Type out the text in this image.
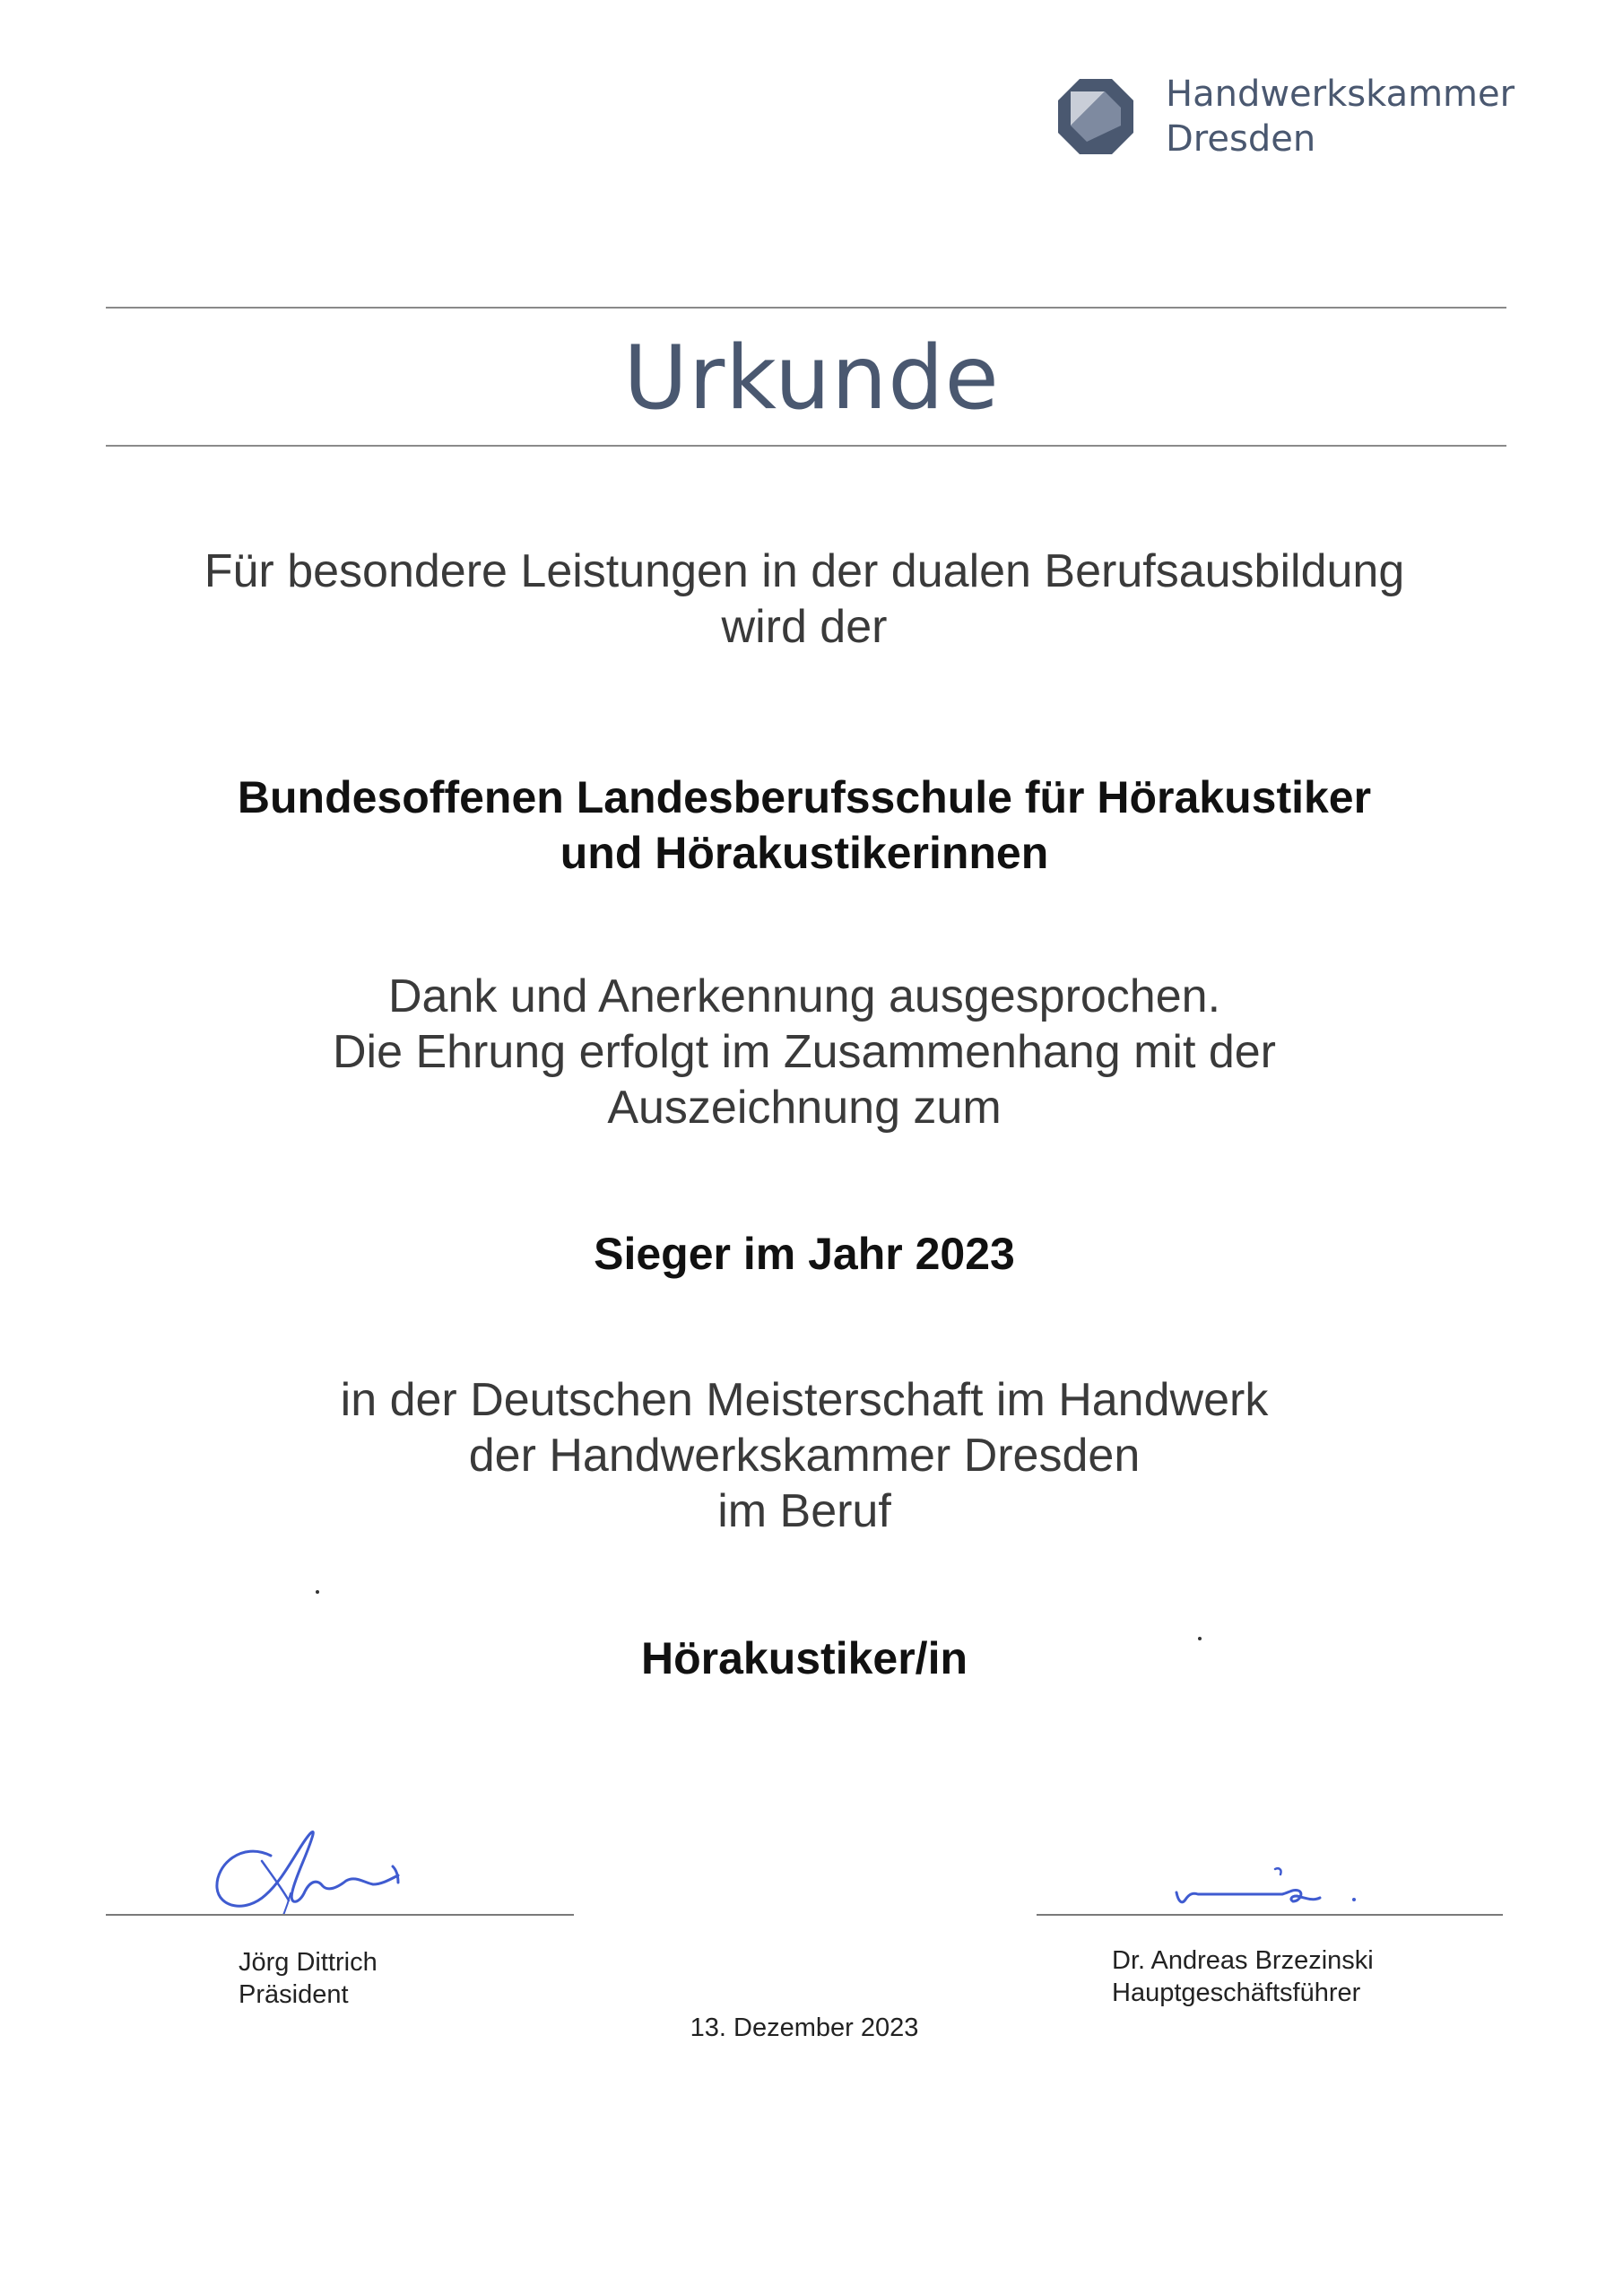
Handwerkskammer
Dresden
Urkunde
Für besondere Leistungen in der dualen Berufsausbildung
wird der
Bundesoffenen Landesberufsschule für Hörakustiker
und Hörakustikerinnen
Dank und Anerkennung ausgesprochen.
Die Ehrung erfolgt im Zusammenhang mit der
Auszeichnung zum
Sieger im Jahr 2023
in der Deutschen Meisterschaft im Handwerk
der Handwerkskammer Dresden
im Beruf
Hörakustiker/in
Jörg Dittrich
Präsident
Dr. Andreas Brzezinski
Hauptgeschäftsführer
13. Dezember 2023
